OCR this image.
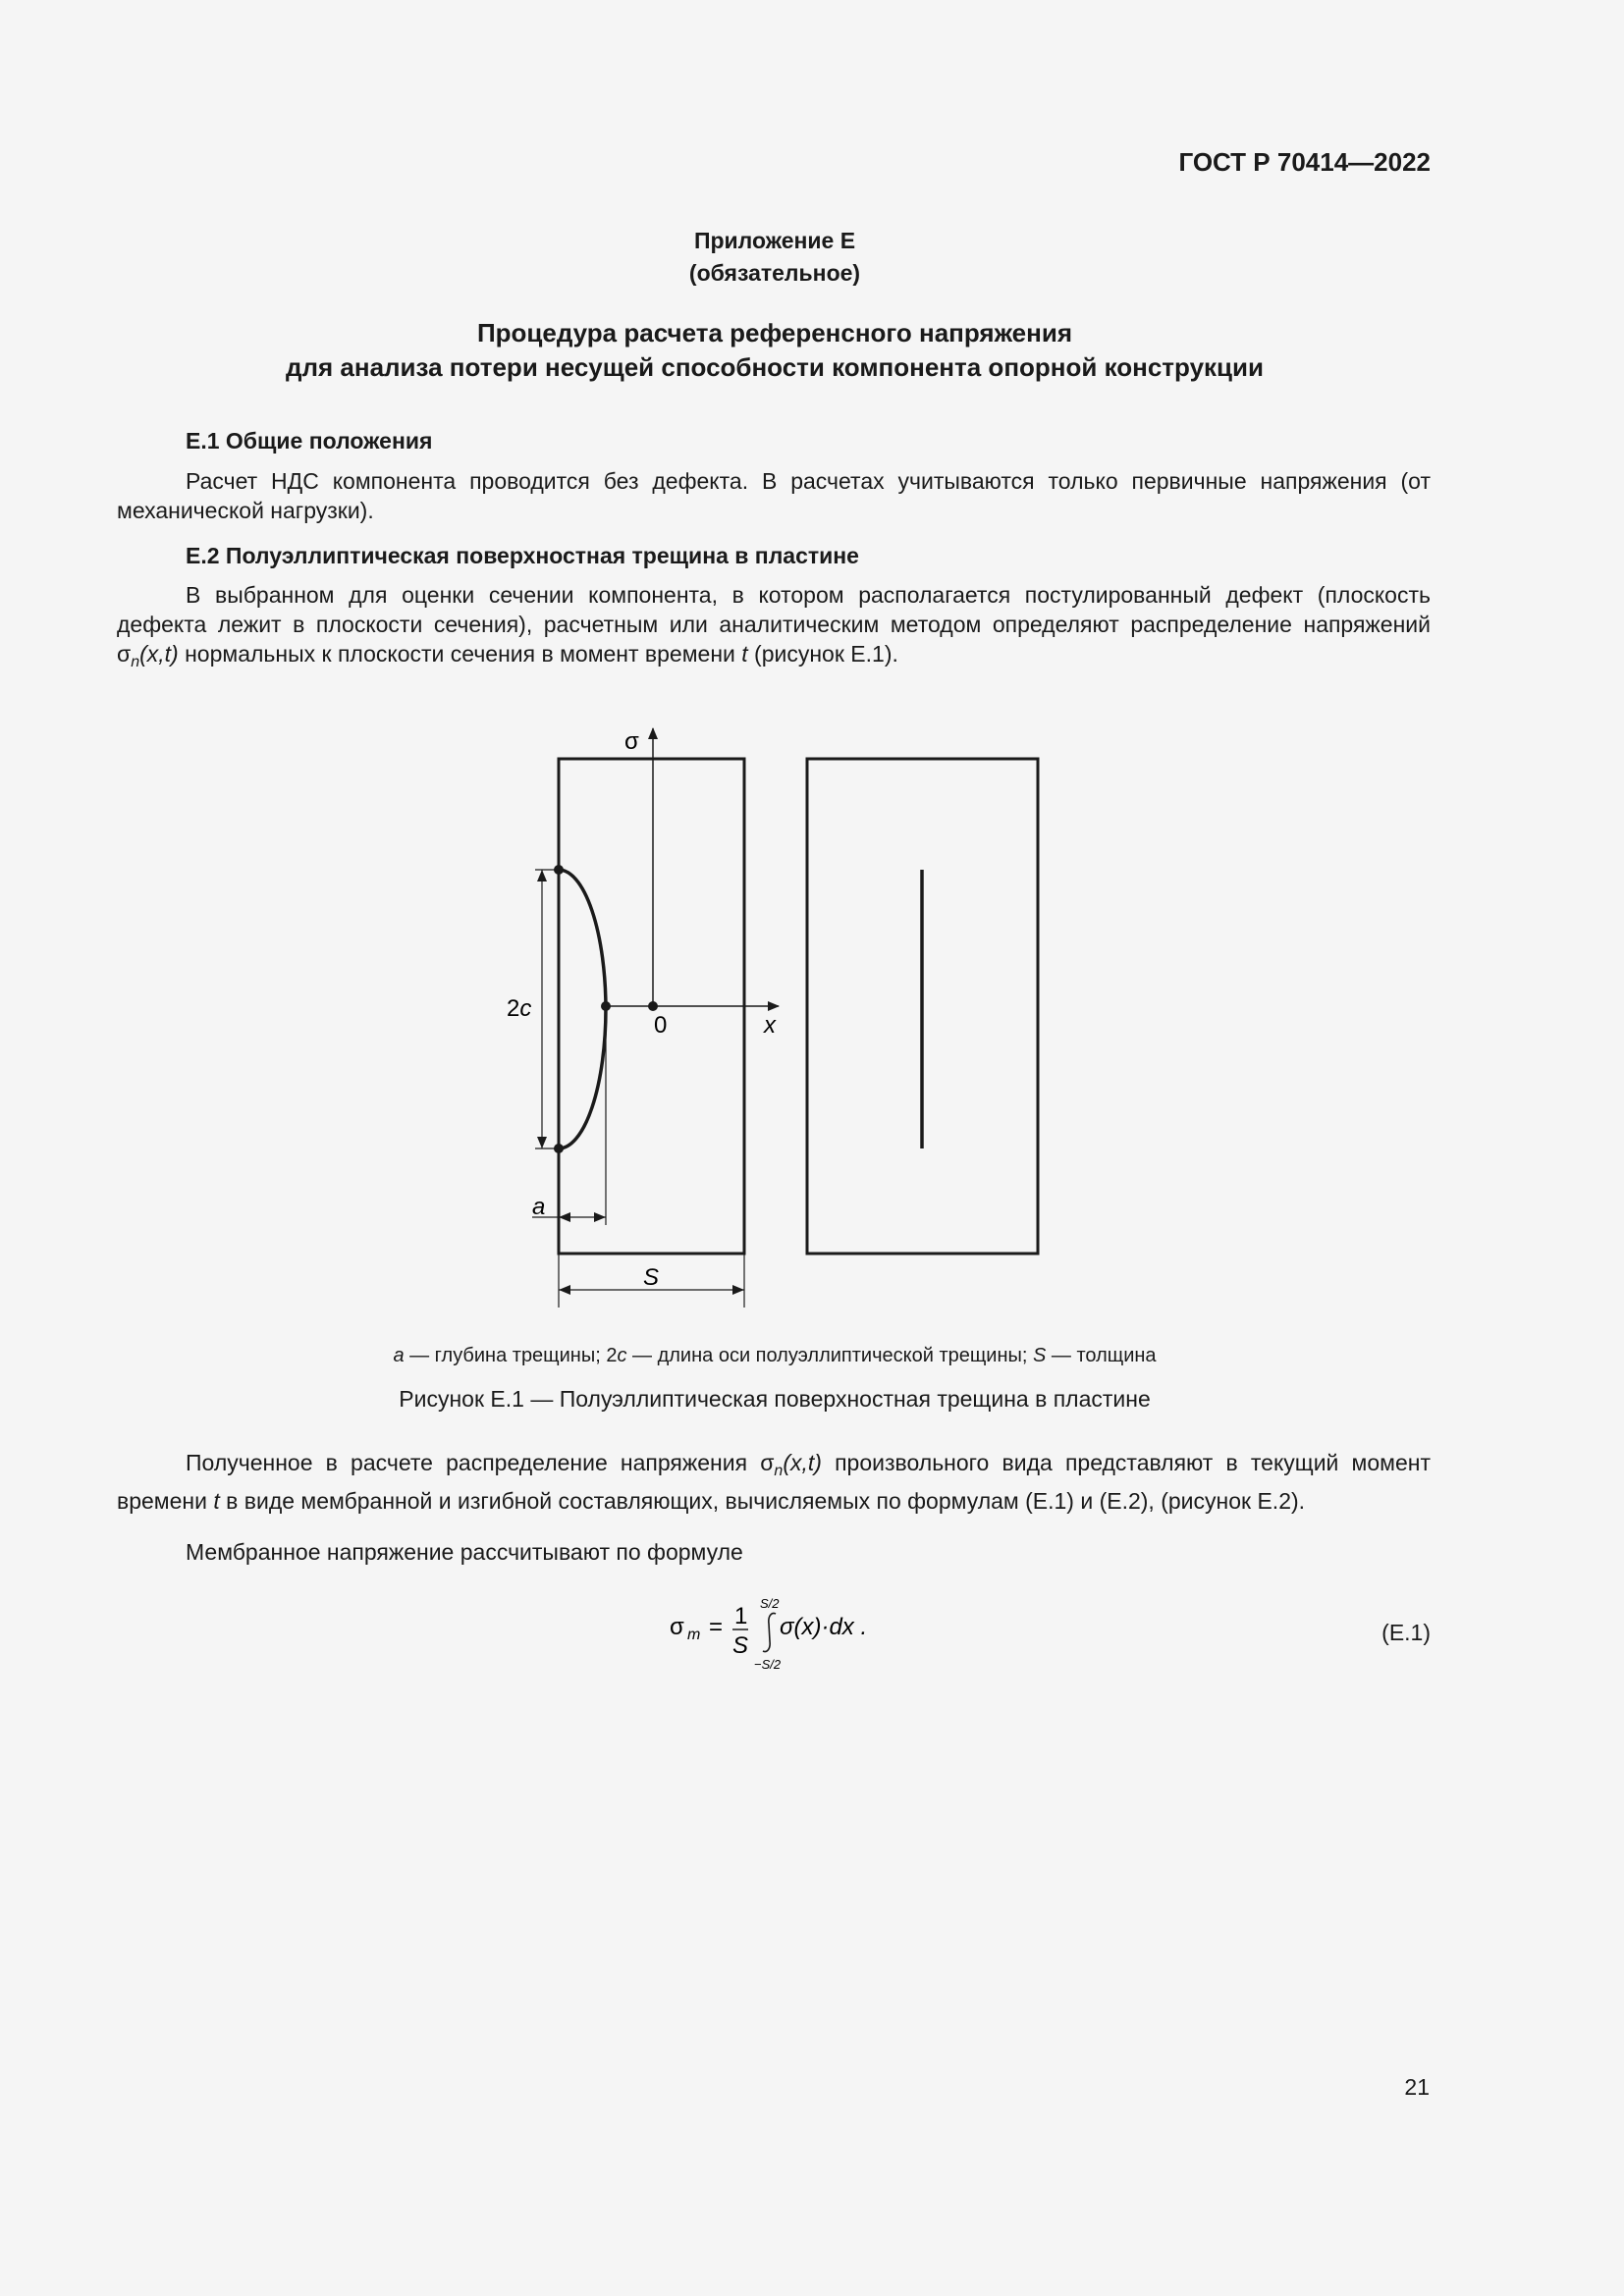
ГОСТ Р 70414—2022
Приложение Е
(обязательное)
Процедура расчета референсного напряжения
для анализа потери несущей способности компонента опорной конструкции
Е.1 Общие положения
Расчет НДС компонента проводится без дефекта. В расчетах учитываются только первичные напряжения (от механической нагрузки).
Е.2 Полуэллиптическая поверхностная трещина в пластине
В выбранном для оценки сечении компонента, в котором располагается постулированный дефект (плоскость дефекта лежит в плоскости сечения), расчетным или аналитическим методом определяют распределение напряжений $\sigma_n(x,t)$ нормальных к плоскости сечения в момент времени t (рисунок Е.1).
σ
2c
0	x
a
S
a — глубина трещины; 2c — длина оси полуэллиптической трещины; S — толщина
Рисунок Е.1 — Полуэллиптическая поверхностная трещина в пластине
Полученное в расчете распределение напряжения $\sigma_n(x,t)$ произвольного вида представляют в текущий момент времени t в виде мембранной и изгибной составляющих, вычисляемых по формулам (Е.1) и (Е.2), (рисунок Е.2).
Мембранное напряжение рассчитывают по формуле
σ m = 1
S
S/2
−S/2
σ(x)·dx .	(Е.1)
21
